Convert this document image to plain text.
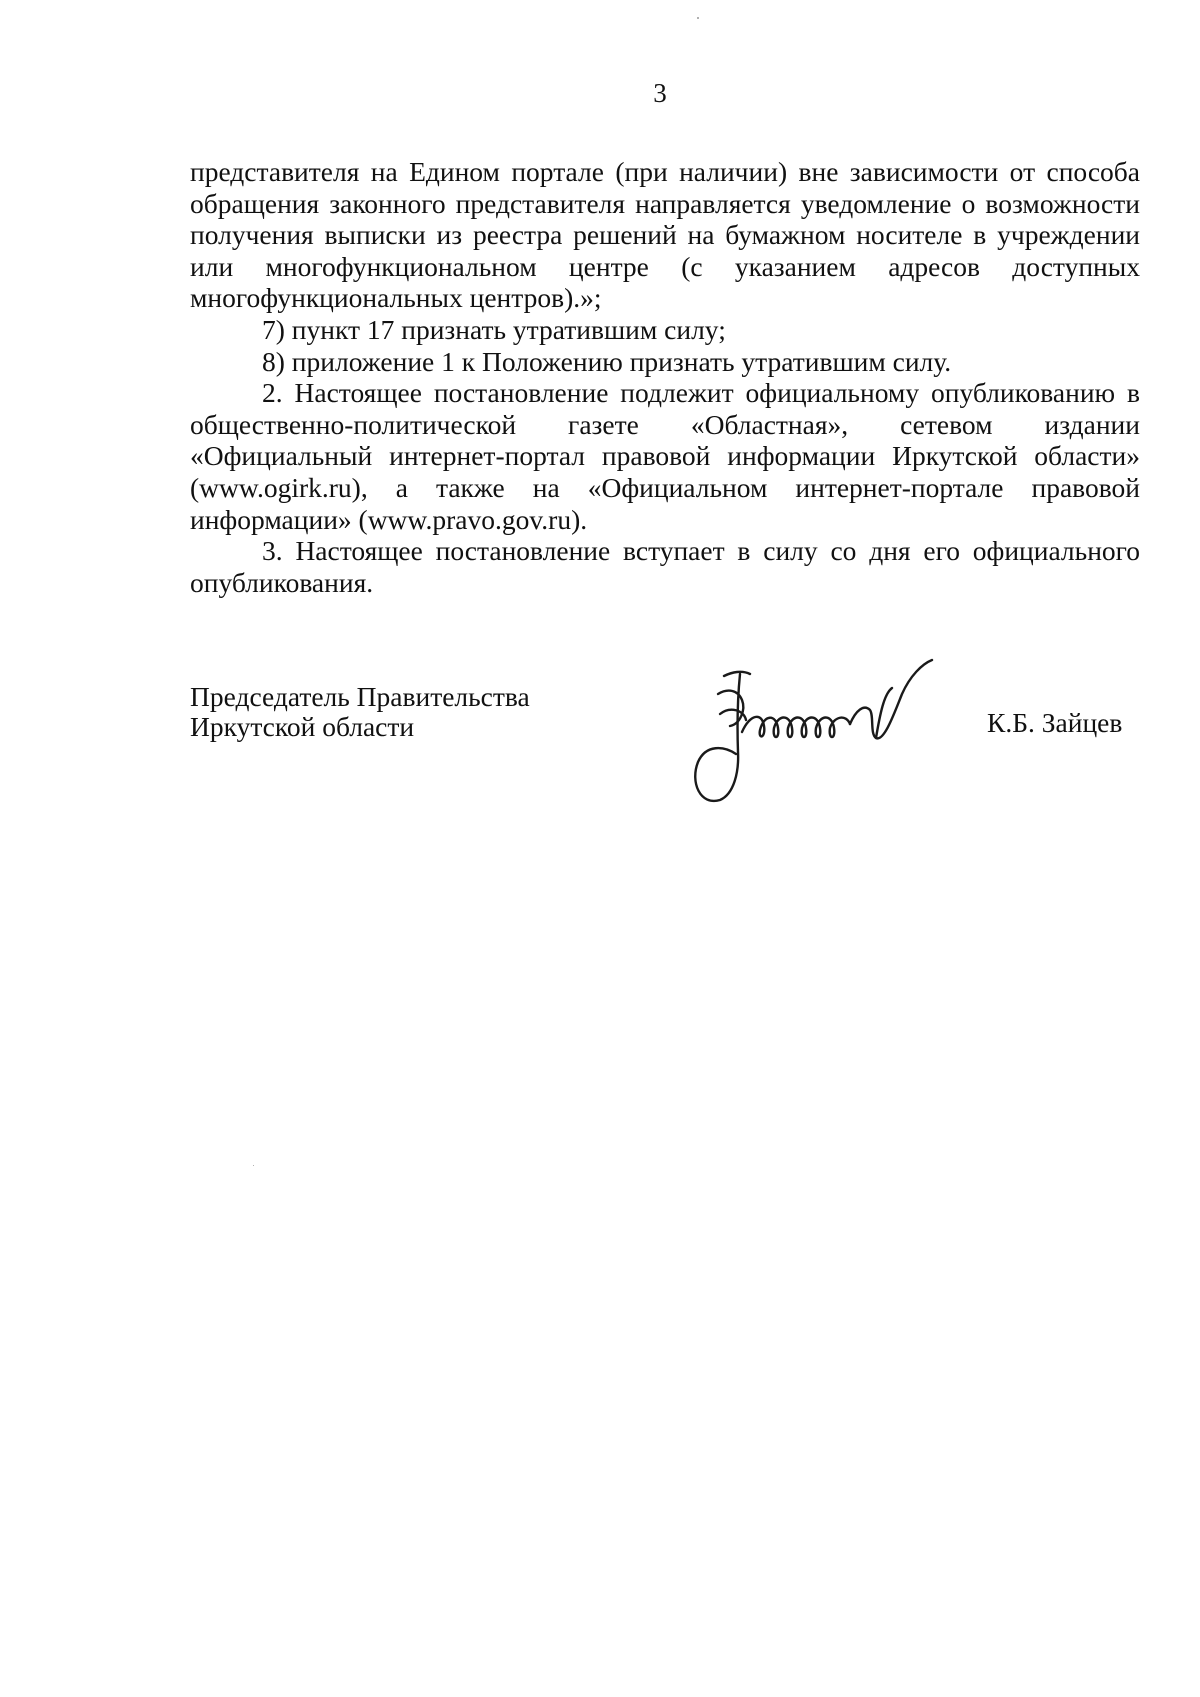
3

представителя на Едином портале (при наличии) вне зависимости от способа обращения законного представителя направляется уведомление о возможности получения выписки из реестра решений на бумажном носителе в учреждении или многофункциональном центре (с указанием адресов доступных многофункциональных центров).»;

7) пункт 17 признать утратившим силу;

8) приложение 1 к Положению признать утратившим силу.

2. Настоящее постановление подлежит официальному опубликованию в общественно-политической газете «Областная», сетевом издании «Официальный интернет-портал правовой информации Иркутской области» (www.ogirk.ru), а также на «Официальном интернет-портале правовой информации» (www.pravo.gov.ru).

3. Настоящее постановление вступает в силу со дня его официального опубликования.

Председатель Правительства
Иркутской области	К.Б. Зайцев
